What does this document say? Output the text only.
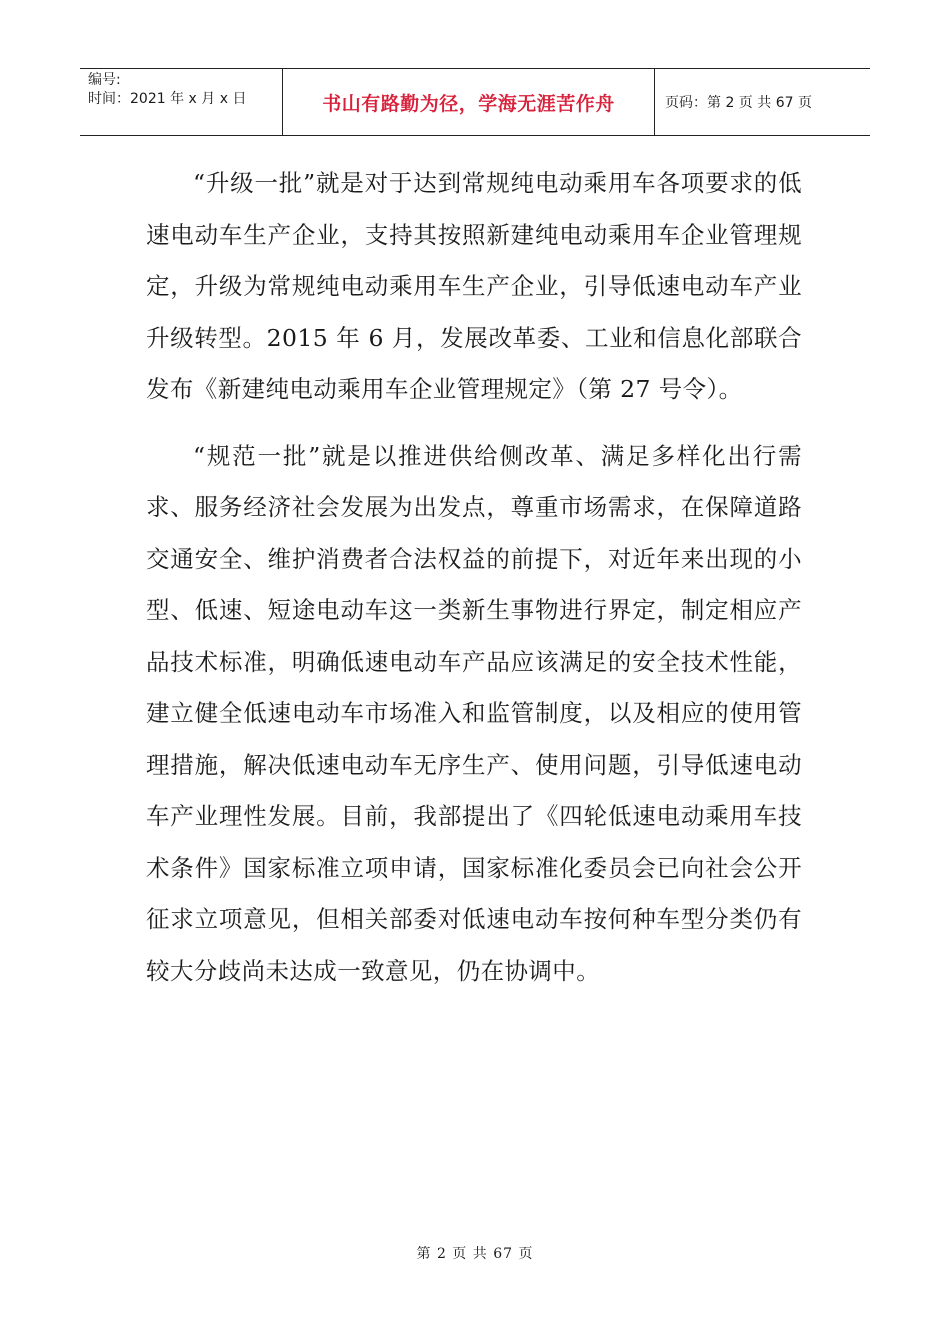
编号:
时间：2021 年 x 月 x 日	书山有路勤为径，学海无涯苦作舟	页码：第 2 页 共 67 页

“升级一批”就是对于达到常规纯电动乘用车各项要求的低速电动车生产企业，支持其按照新建纯电动乘用车企业管理规定，升级为常规纯电动乘用车生产企业，引导低速电动车产业升级转型。2015 年 6 月，发展改革委、工业和信息化部联合发布《新建纯电动乘用车企业管理规定》（第 27 号令）。

“规范一批”就是以推进供给侧改革、满足多样化出行需求、服务经济社会发展为出发点，尊重市场需求，在保障道路交通安全、维护消费者合法权益的前提下，对近年来出现的小型、低速、短途电动车这一类新生事物进行界定，制定相应产品技术标准，明确低速电动车产品应该满足的安全技术性能，建立健全低速电动车市场准入和监管制度，以及相应的使用管理措施，解决低速电动车无序生产、使用问题，引导低速电动车产业理性发展。目前，我部提出了《四轮低速电动乘用车技术条件》国家标准立项申请，国家标准化委员会已向社会公开征求立项意见，但相关部委对低速电动车按何种车型分类仍有较大分歧尚未达成一致意见，仍在协调中。

第 2 页 共 67 页
